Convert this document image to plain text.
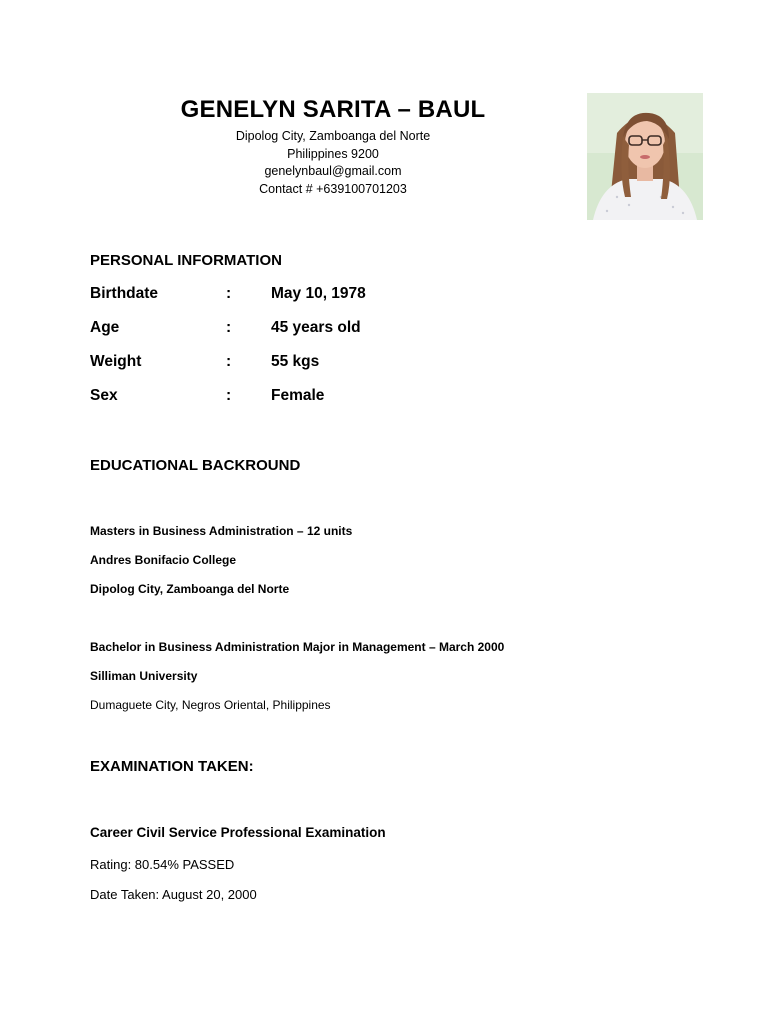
GENELYN SARITA – BAUL
Dipolog City, Zamboanga del Norte
Philippines 9200
genelynbaul@gmail.com
Contact # +639100701203
PERSONAL INFORMATION
Birthdate	:	May 10, 1978
Age	:	45 years old
Weight	:	55 kgs
Sex	:	Female
EDUCATIONAL BACKROUND
Masters in Business Administration – 12 units
Andres Bonifacio College
Dipolog City, Zamboanga del Norte
Bachelor in Business Administration Major in Management – March 2000
Silliman University
Dumaguete City, Negros Oriental, Philippines
EXAMINATION TAKEN:
Career Civil Service Professional Examination
Rating: 80.54% PASSED
Date Taken: August 20, 2000
